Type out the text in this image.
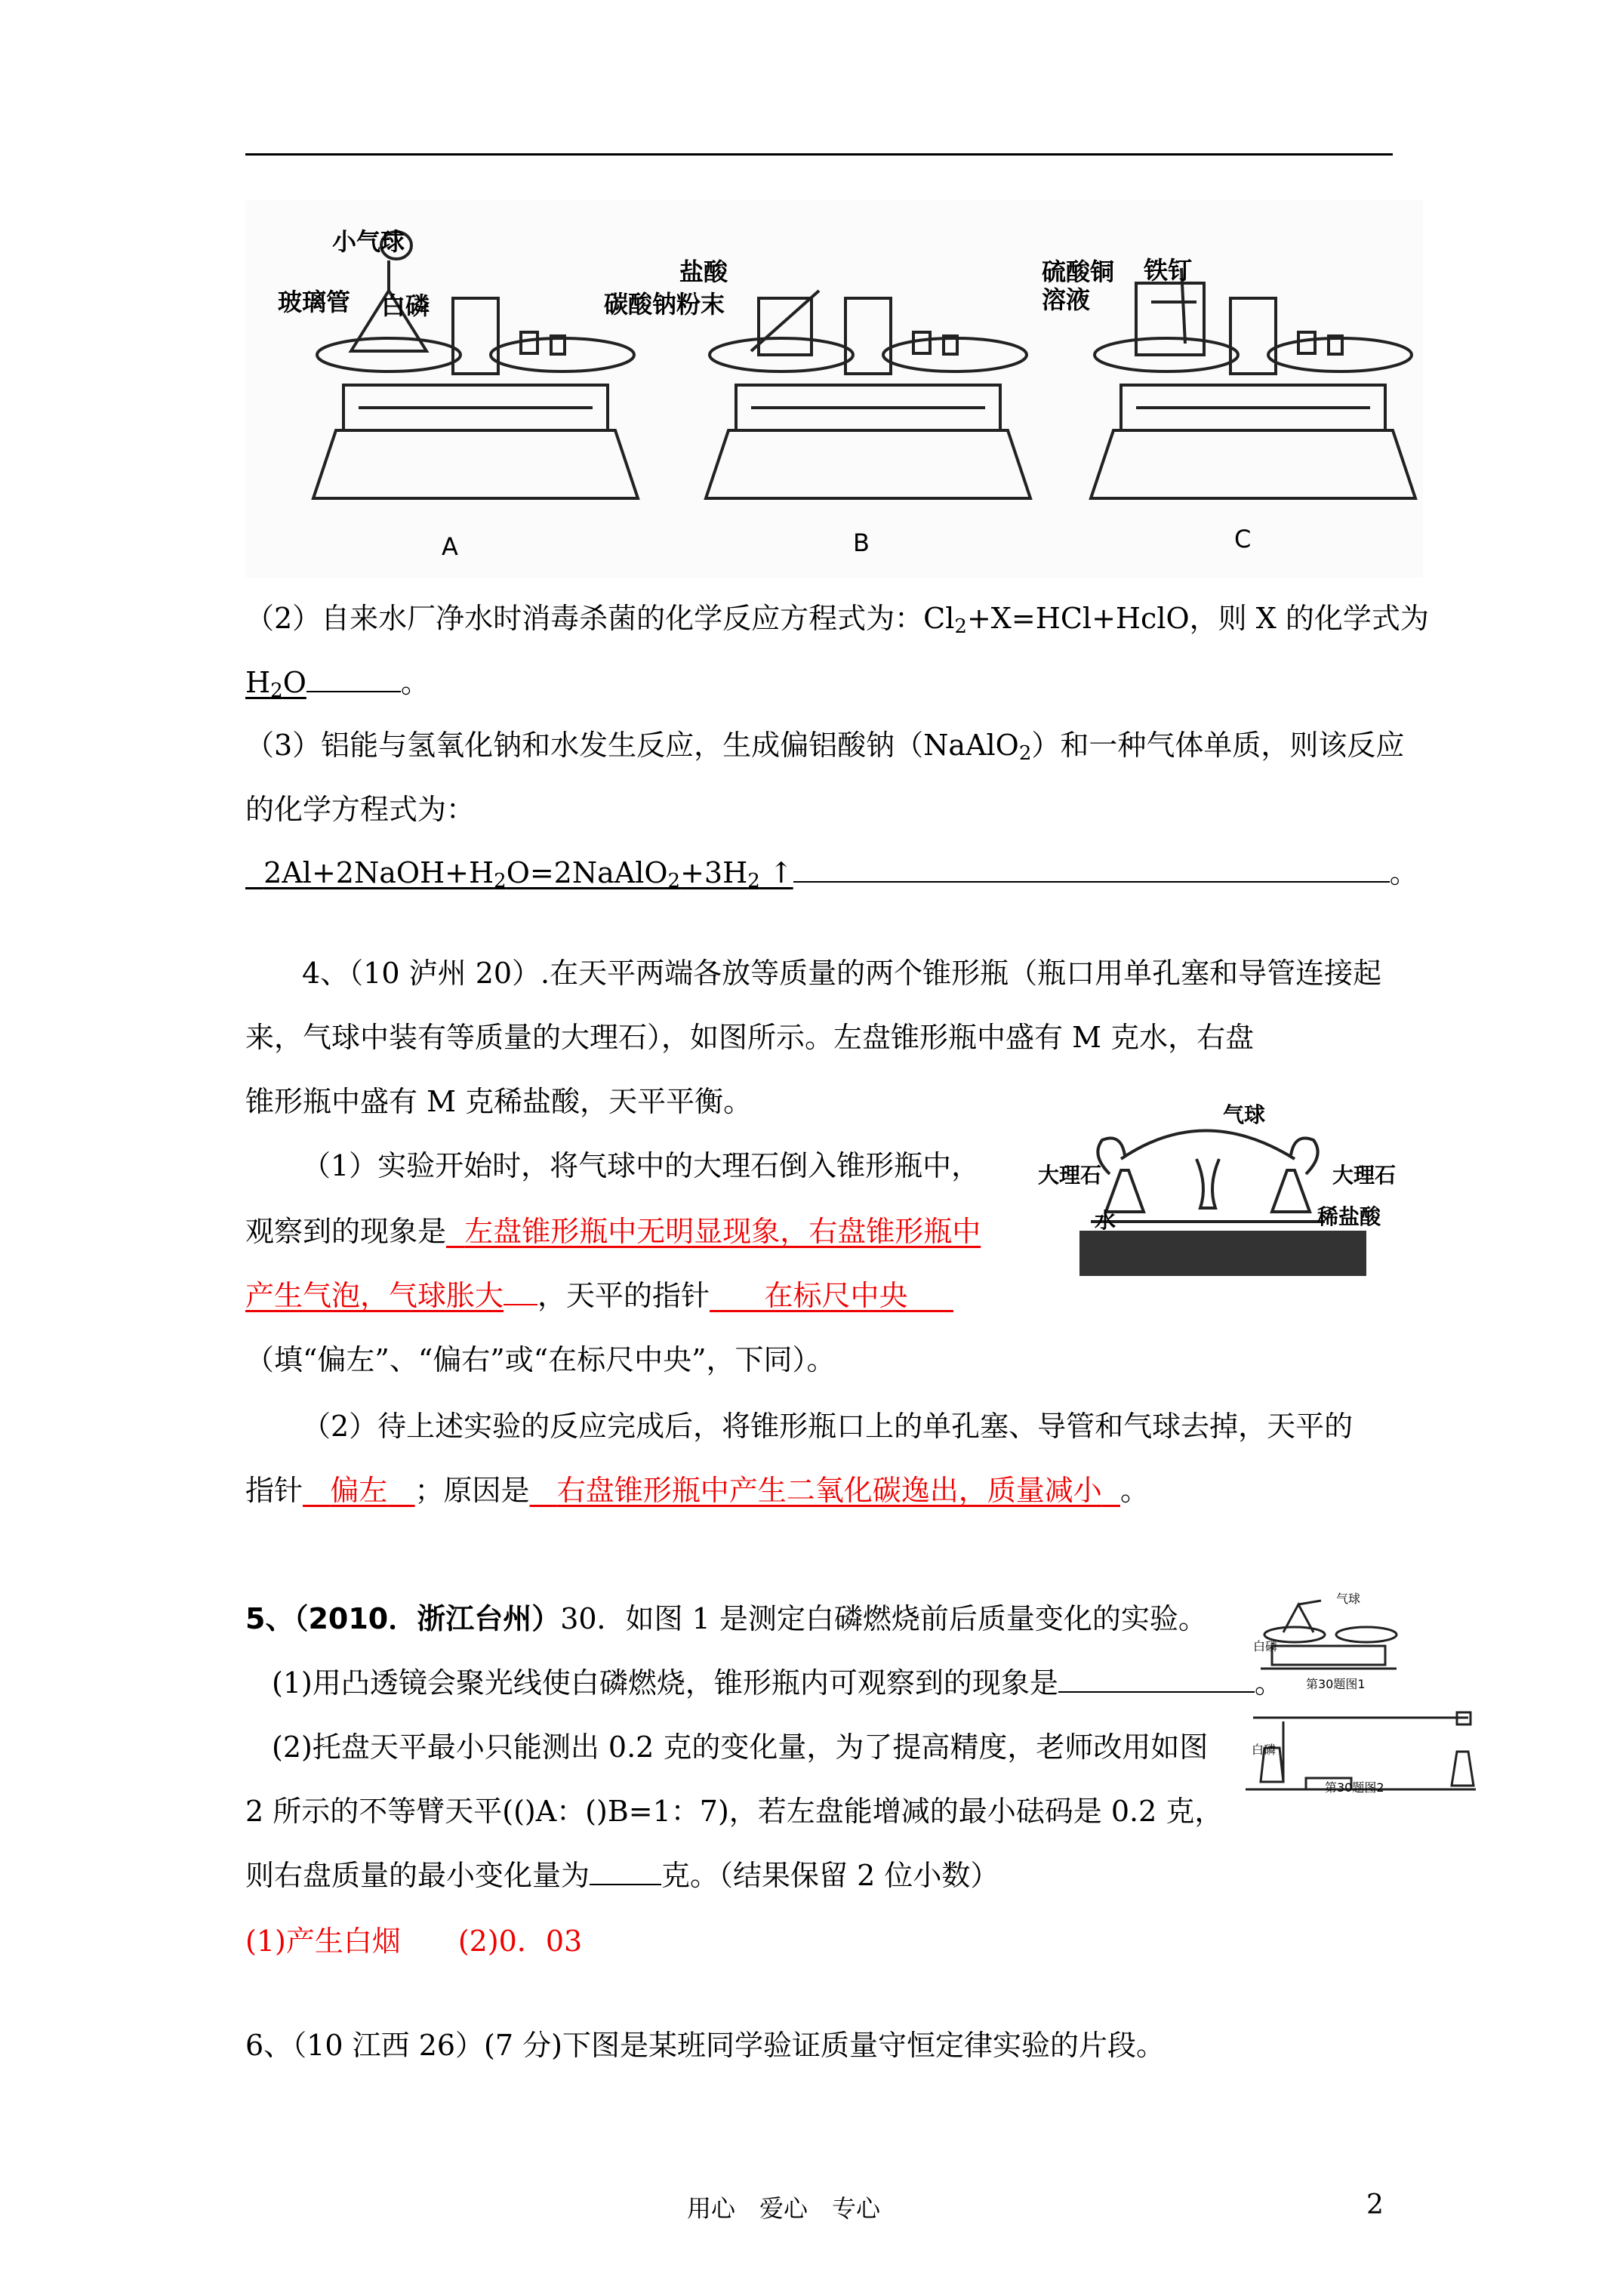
小气球
玻璃管 白磷
盐酸
碳酸钠粉末
硫酸铜
溶液
铁钉
A	B	C
（2）自来水厂净水时消毒杀菌的化学反应方程式为：$Cl_2+X=HCl+HclO$，则 X 的化学式为
$H_2O$	。
（3）铝能与氢氧化钠和水发生反应，生成偏铝酸钠（NaAlO$_2$）和一种气体单质，则该反应
的化学方程式为：
$2Al+2NaOH+H_2O=2NaAlO_2+3H_2$ ↑	。
4、（10 泸州 20）.在天平两端各放等质量的两个锥形瓶（瓶口用单孔塞和导管连接起
来，气球中装有等质量的大理石），如图所示。左盘锥形瓶中盛有 M 克水，右盘
锥形瓶中盛有 M 克稀盐酸，天平平衡。
（1）实验开始时，将气球中的大理石倒入锥形瓶中，
观察到的现象是 左盘锥形瓶中无明显现象，右盘锥形瓶中
产生气泡，气球胀大 ，天平的指针 在标尺中央
（填“偏左”、“偏右”或“在标尺中央”，下同）。
（2）待上述实验的反应完成后，将锥形瓶口上的单孔塞、导管和气球去掉，天平的
指针 偏左 ；原因是 右盘锥形瓶中产生二氧化碳逸出，质量减小 。
气球
大理石	大理石
水	稀盐酸
5、（2010．浙江台州）30．如图 1 是测定白磷燃烧前后质量变化的实验。
(1)用凸透镜会聚光线使白磷燃烧，锥形瓶内可观察到的现象是	。
(2)托盘天平最小只能测出 0.2 克的变化量，为了提高精度，老师改用如图
2 所示的不等臂天平(()A：()B=1：7)，若左盘能增减的最小砝码是 0.2 克，
则右盘质量的最小变化量为	克。（结果保留 2 位小数）
(1)产生白烟　　(2)0．03
气球
白磷
第30题图1
白磷
第30题图2
6、（10 江西 26）(7 分)下图是某班同学验证质量守恒定律实验的片段。
用心　爱心　专心	2
